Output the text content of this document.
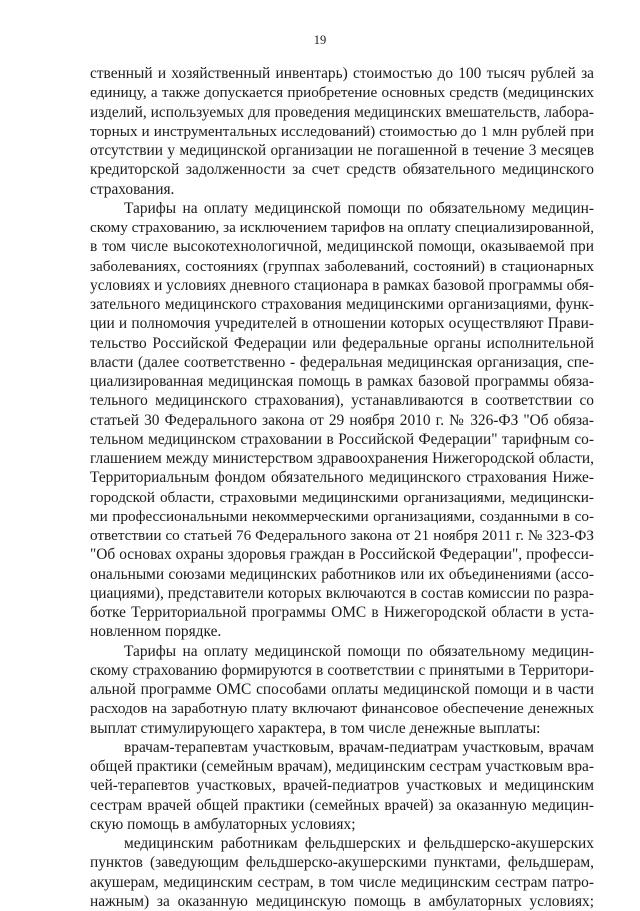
19
ственный и хозяйственный инвентарь) стоимостью до 100 тысяч рублей за
единицу, а также допускается приобретение основных средств (медицинских
изделий, используемых для проведения медицинских вмешательств, лабора-
торных и инструментальных исследований) стоимостью до 1 млн рублей при
отсутствии у медицинской организации не погашенной в течение 3 месяцев
кредиторской задолженности за счет средств обязательного медицинского
страхования.
Тарифы на оплату медицинской помощи по обязательному медицин-
скому страхованию, за исключением тарифов на оплату специализированной,
в том числе высокотехнологичной, медицинской помощи, оказываемой при
заболеваниях, состояниях (группах заболеваний, состояний) в стационарных
условиях и условиях дневного стационара в рамках базовой программы обя-
зательного медицинского страхования медицинскими организациями, функ-
ции и полномочия учредителей в отношении которых осуществляют Прави-
тельство Российской Федерации или федеральные органы исполнительной
власти (далее соответственно - федеральная медицинская организация, спе-
циализированная медицинская помощь в рамках базовой программы обяза-
тельного медицинского страхования), устанавливаются в соответствии со
статьей 30 Федерального закона от 29 ноября 2010 г. № 326-ФЗ "Об обяза-
тельном медицинском страховании в Российской Федерации" тарифным со-
глашением между министерством здравоохранения Нижегородской области,
Территориальным фондом обязательного медицинского страхования Ниже-
городской области, страховыми медицинскими организациями, медицински-
ми профессиональными некоммерческими организациями, созданными в со-
ответствии со статьей 76 Федерального закона от 21 ноября 2011 г. № 323-ФЗ
"Об основах охраны здоровья граждан в Российской Федерации", професси-
ональными союзами медицинских работников или их объединениями (ассо-
циациями), представители которых включаются в состав комиссии по разра-
ботке Территориальной программы ОМС в Нижегородской области в уста-
новленном порядке.
Тарифы на оплату медицинской помощи по обязательному медицин-
скому страхованию формируются в соответствии с принятыми в Территори-
альной программе ОМС способами оплаты медицинской помощи и в части
расходов на заработную плату включают финансовое обеспечение денежных
выплат стимулирующего характера, в том числе денежные выплаты:
врачам-терапевтам участковым, врачам-педиатрам участковым, врачам
общей практики (семейным врачам), медицинским сестрам участковым вра-
чей-терапевтов участковых, врачей-педиатров участковых и медицинским
сестрам врачей общей практики (семейных врачей) за оказанную медицин-
скую помощь в амбулаторных условиях;
медицинским работникам фельдшерских и фельдшерско-акушерских
пунктов (заведующим фельдшерско-акушерскими пунктами, фельдшерам,
акушерам, медицинским сестрам, в том числе медицинским сестрам патро-
нажным) за оказанную медицинскую помощь в амбулаторных условиях;
